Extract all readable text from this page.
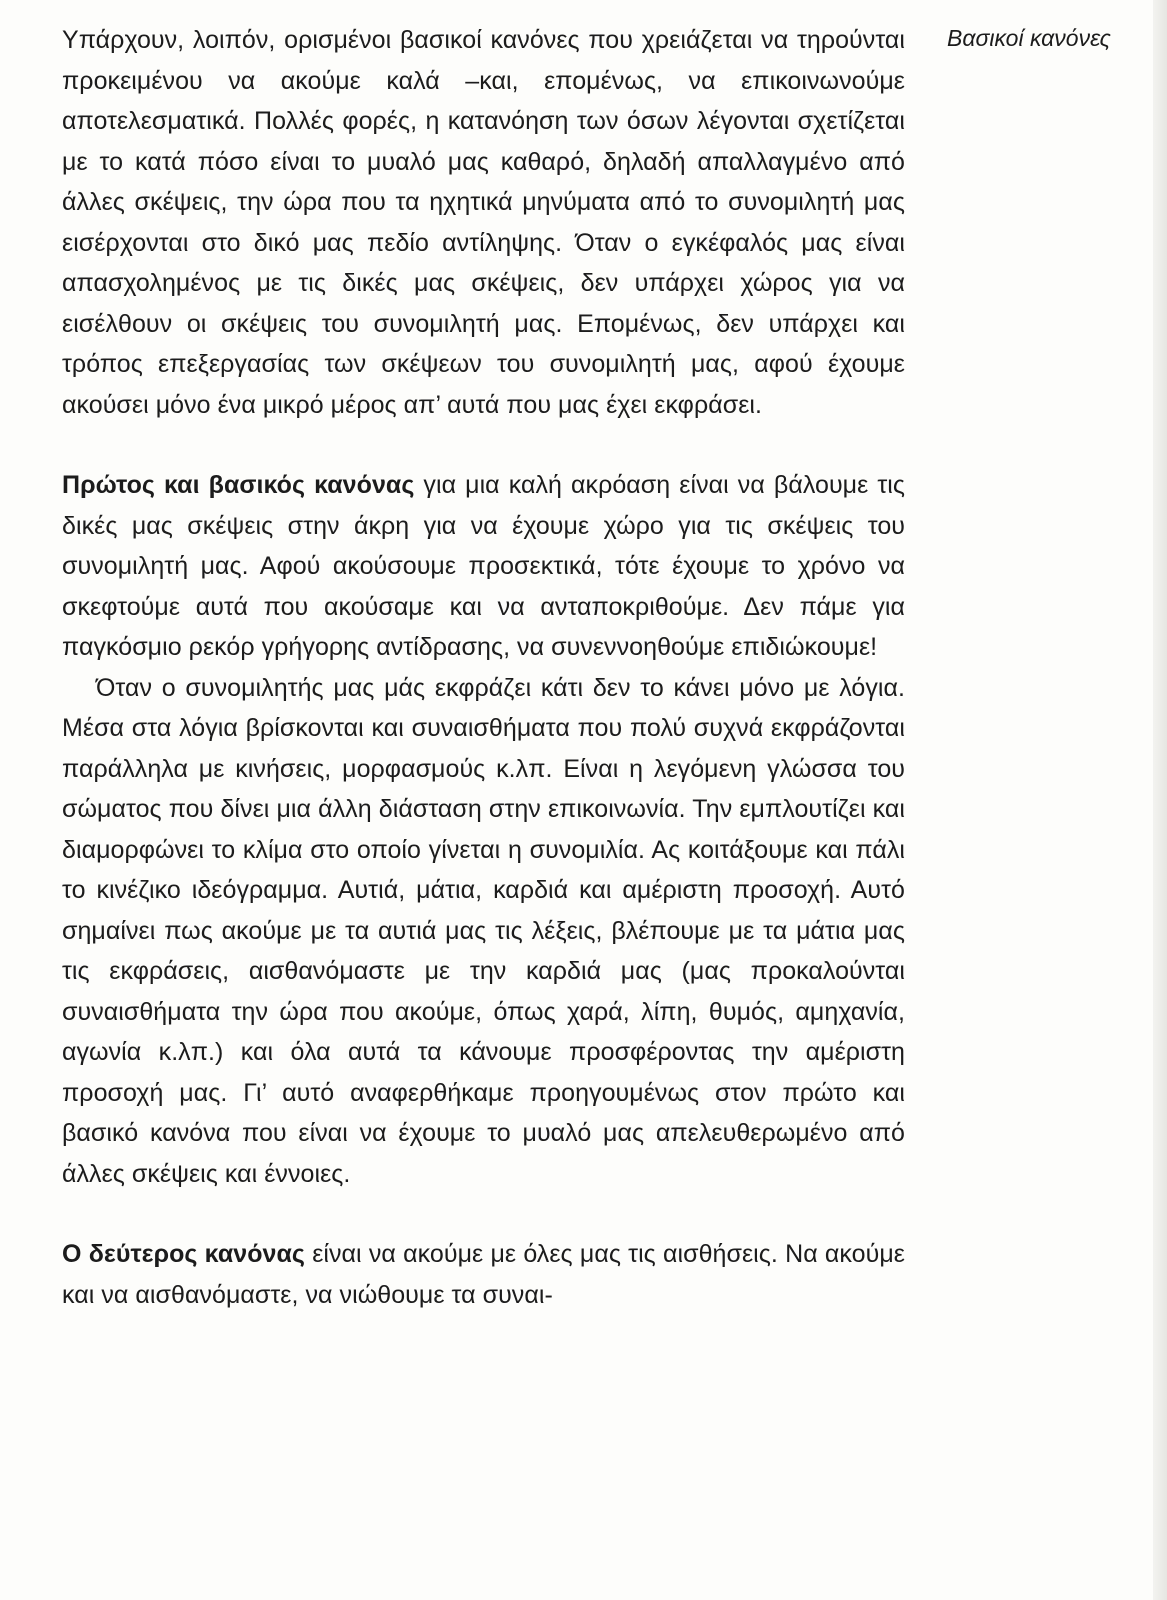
Βασικοί κανόνες

Υπάρχουν, λοιπόν, ορισμένοι βασικοί κανόνες που χρειάζεται να τηρούνται προκειμένου να ακούμε καλά –και, επομένως, να επικοινωνούμε αποτελεσματικά. Πολλές φορές, η κατανόηση των όσων λέγονται σχετίζεται με το κατά πόσο είναι το μυαλό μας καθαρό, δηλαδή απαλλαγμένο από άλλες σκέψεις, την ώρα που τα ηχητικά μηνύματα από το συνομιλητή μας εισέρχονται στο δικό μας πεδίο αντίληψης. Όταν ο εγκέφαλός μας είναι απασχολημένος με τις δικές μας σκέψεις, δεν υπάρχει χώρος για να εισέλθουν οι σκέψεις του συνομιλητή μας. Επομένως, δεν υπάρχει και τρόπος επεξεργασίας των σκέψεων του συνομιλητή μας, αφού έχουμε ακούσει μόνο ένα μικρό μέρος απ’ αυτά που μας έχει εκφράσει.

Πρώτος και βασικός κανόνας για μια καλή ακρόαση είναι να βάλουμε τις δικές μας σκέψεις στην άκρη για να έχουμε χώρο για τις σκέψεις του συνομιλητή μας. Αφού ακούσουμε προσεκτικά, τότε έχουμε το χρόνο να σκεφτούμε αυτά που ακούσαμε και να ανταποκριθούμε. Δεν πάμε για παγκόσμιο ρεκόρ γρήγορης αντίδρασης, να συνεννοηθούμε επιδιώκουμε!

Όταν ο συνομιλητής μας μάς εκφράζει κάτι δεν το κάνει μόνο με λόγια. Μέσα στα λόγια βρίσκονται και συναισθήματα που πολύ συχνά εκφράζονται παράλληλα με κινήσεις, μορφασμούς κ.λπ. Είναι η λεγόμενη γλώσσα του σώματος που δίνει μια άλλη διάσταση στην επικοινωνία. Την εμπλουτίζει και διαμορφώνει το κλίμα στο οποίο γίνεται η συνομιλία. Ας κοιτάξουμε και πάλι το κινέζικο ιδεόγραμμα. Αυτιά, μάτια, καρδιά και αμέριστη προσοχή. Αυτό σημαίνει πως ακούμε με τα αυτιά μας τις λέξεις, βλέπουμε με τα μάτια μας τις εκφράσεις, αισθανόμαστε με την καρδιά μας (μας προκαλούνται συναισθήματα την ώρα που ακούμε, όπως χαρά, λίπη, θυμός, αμηχανία, αγωνία κ.λπ.) και όλα αυτά τα κάνουμε προσφέροντας την αμέριστη προσοχή μας. Γι’ αυτό αναφερθήκαμε προηγουμένως στον πρώτο και βασικό κανόνα που είναι να έχουμε το μυαλό μας απελευθερωμένο από άλλες σκέψεις και έννοιες.

Ο δεύτερος κανόνας είναι να ακούμε με όλες μας τις αισθήσεις. Να ακούμε και να αισθανόμαστε, να νιώθουμε τα συναι-
